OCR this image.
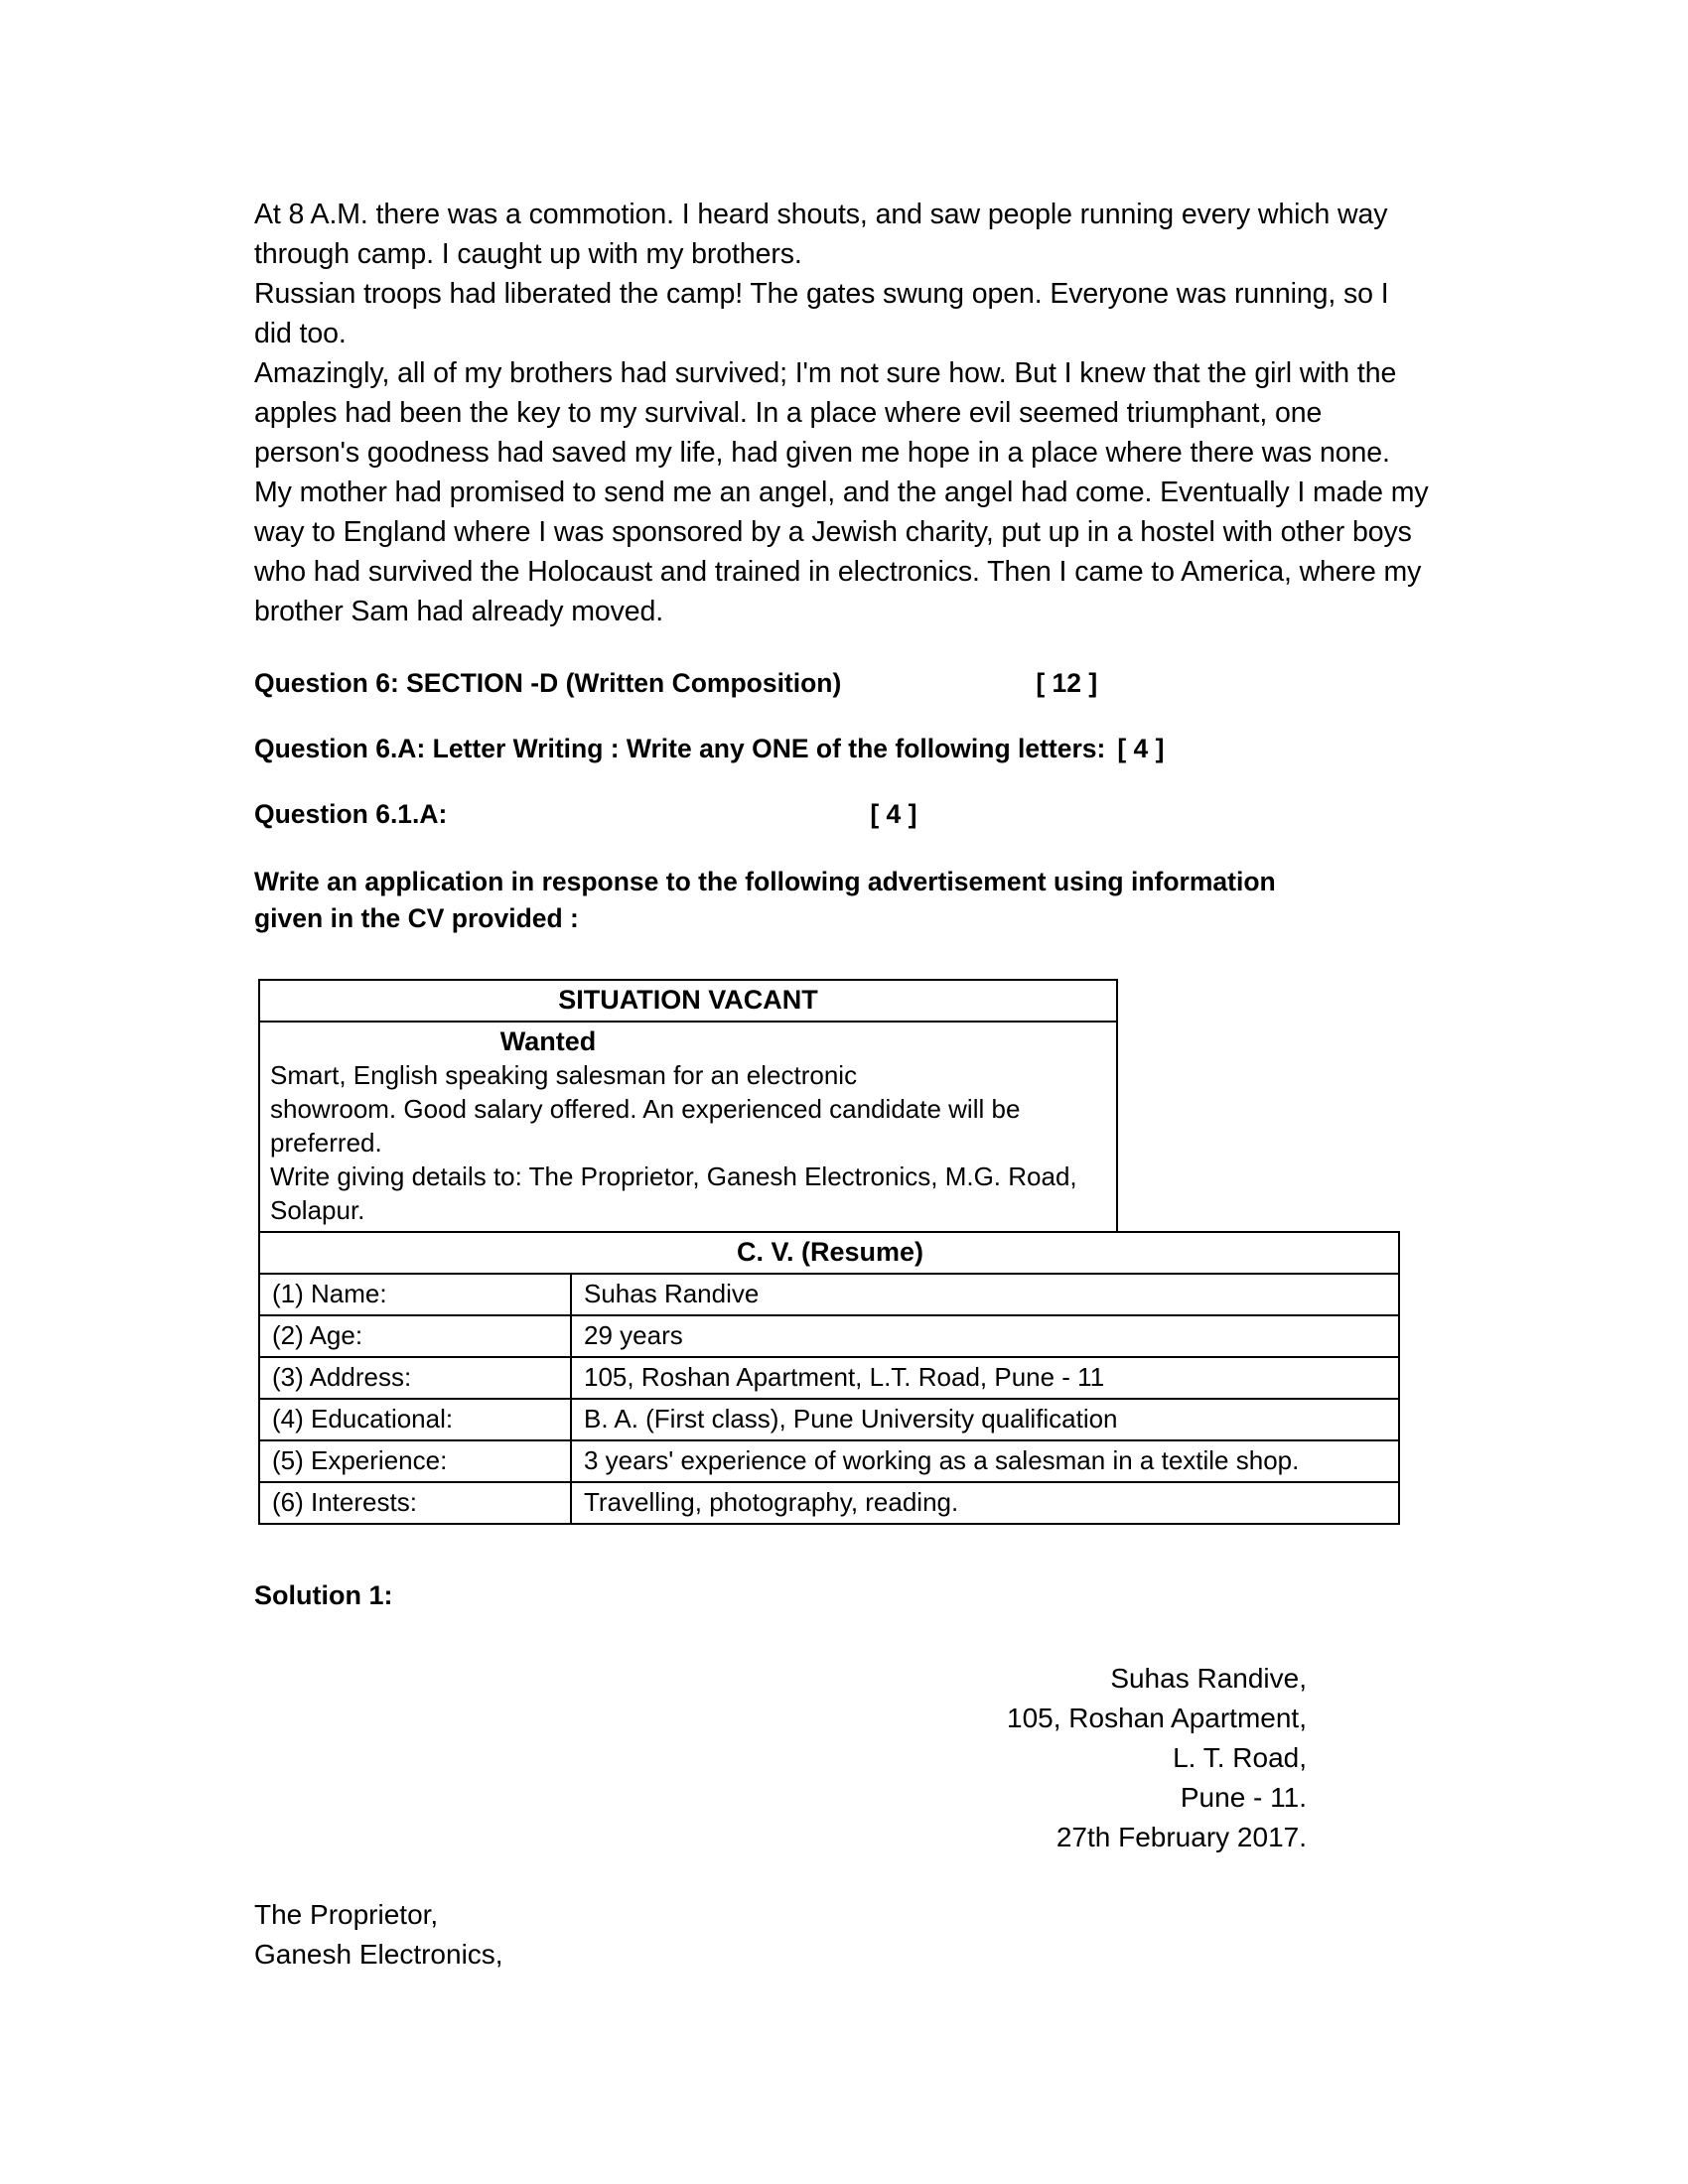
At 8 A.M. there was a commotion. I heard shouts, and saw people running every which way through camp. I caught up with my brothers.

Russian troops had liberated the camp! The gates swung open. Everyone was running, so I did too.

Amazingly, all of my brothers had survived; I'm not sure how. But I knew that the girl with the apples had been the key to my survival. In a place where evil seemed triumphant, one person's goodness had saved my life, had given me hope in a place where there was none. My mother had promised to send me an angel, and the angel had come. Eventually I made my way to England where I was sponsored by a Jewish charity, put up in a hostel with other boys who had survived the Holocaust and trained in electronics. Then I came to America, where my brother Sam had already moved.

Question 6: SECTION -D (Written Composition)	[ 12 ]
Question 6.A: Letter Writing : Write any ONE of the following letters: [ 4 ]
Question 6.1.A:	[ 4 ]
Write an application in response to the following advertisement using information given in the CV provided :
SITUATION VACANT

Wanted
Smart, English speaking salesman for an electronic
showroom. Good salary offered. An experienced candidate will be
preferred.
Write giving details to: The Proprietor, Ganesh Electronics, M.G. Road,
Solapur.
C. V. (Resume)	
(1) Name:	Suhas Randive
(2) Age:	29 years
(3) Address:	105, Roshan Apartment, L.T. Road, Pune - 11
(4) Educational:	B. A. (First class), Pune University qualification
(5) Experience:	3 years' experience of working as a salesman in a textile shop.
(6) Interests:	Travelling, photography, reading.
Solution 1:
Suhas Randive,
105, Roshan Apartment,
L. T. Road,
Pune - 11.
27th February 2017.
The Proprietor,
Ganesh Electronics,
